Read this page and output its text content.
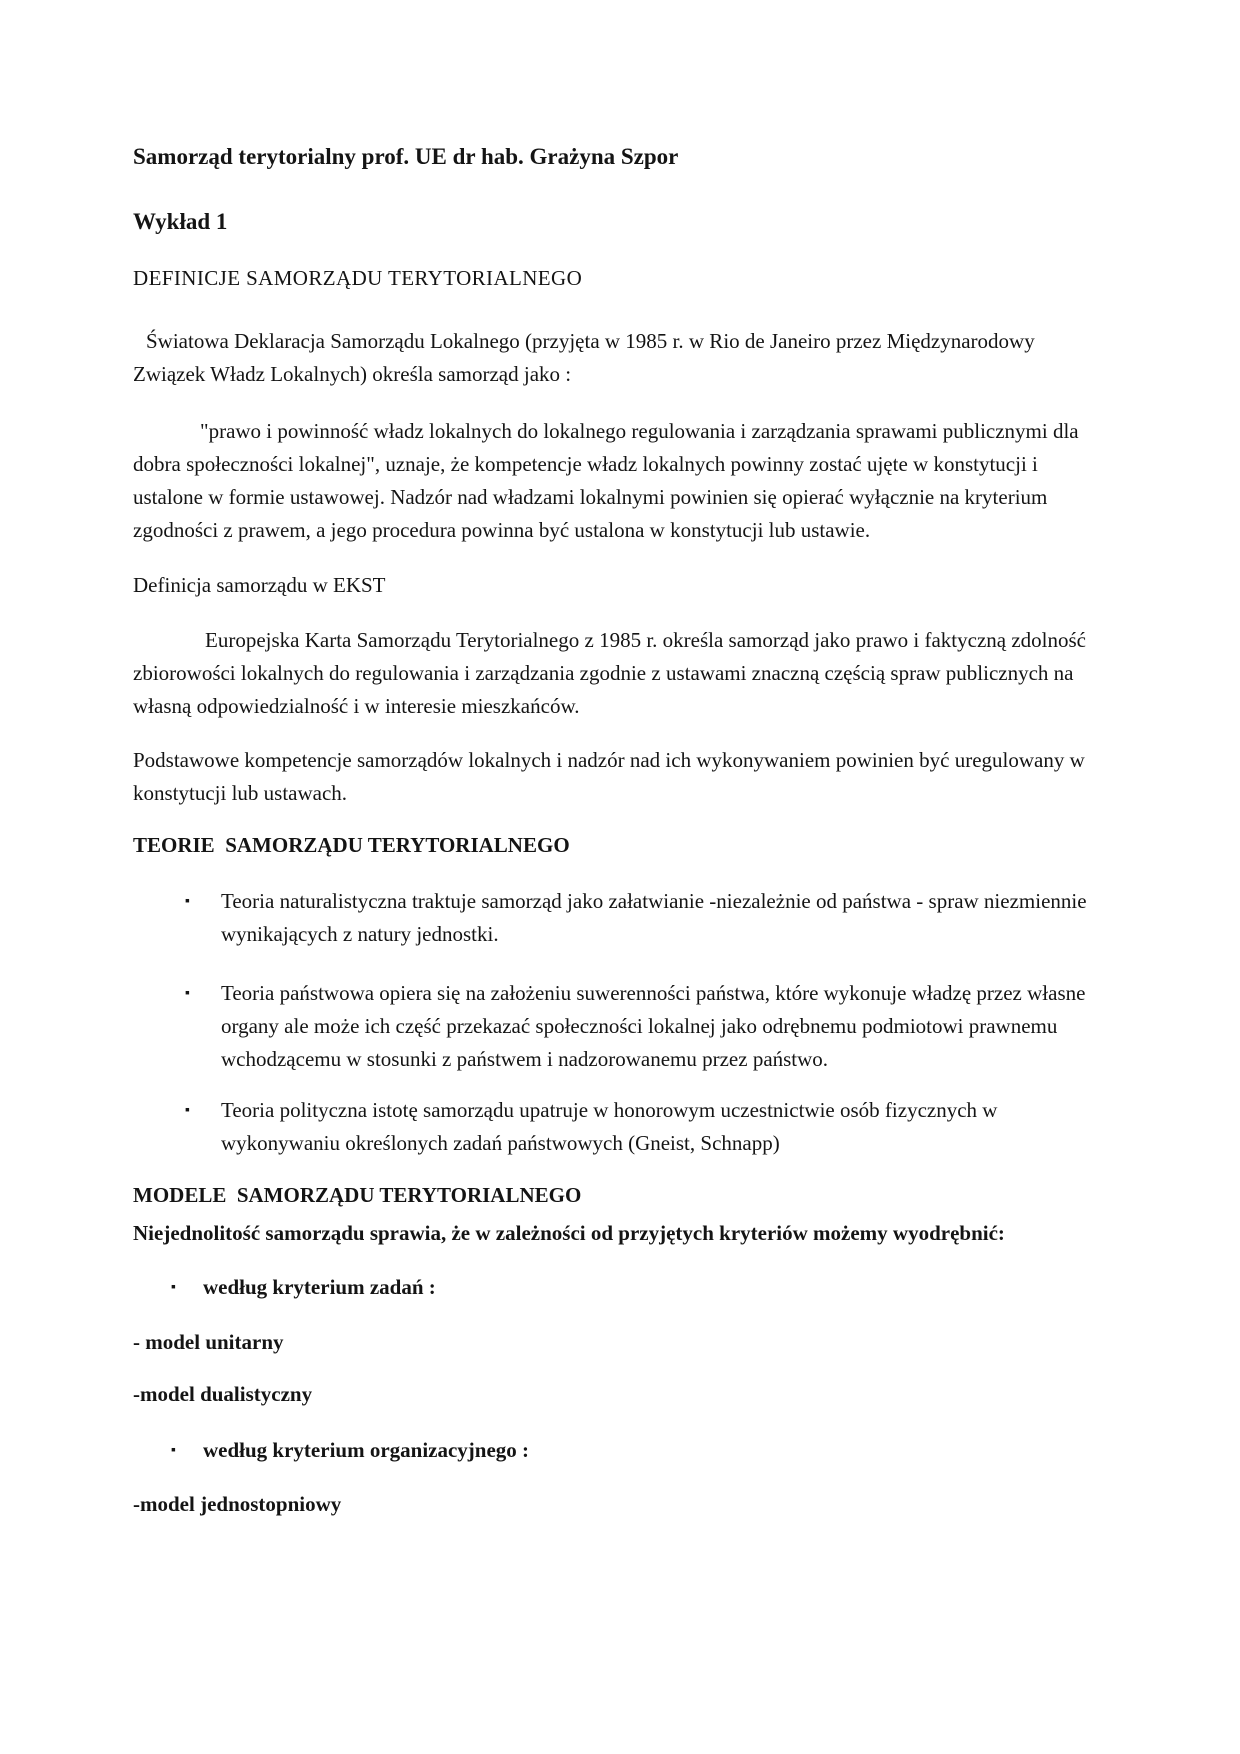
Samorząd terytorialny prof. UE dr hab. Grażyna Szpor
Wykład 1
DEFINICJE SAMORZĄDU TERYTORIALNEGO

Światowa Deklaracja Samorządu Lokalnego (przyjęta w 1985 r. w Rio de Janeiro przez Międzynarodowy Związek Władz Lokalnych) określa samorząd jako :

"prawo i powinność władz lokalnych do lokalnego regulowania i zarządzania sprawami publicznymi dla dobra społeczności lokalnej", uznaje, że kompetencje władz lokalnych powinny zostać ujęte w konstytucji i ustalone w formie ustawowej. Nadzór nad władzami lokalnymi powinien się opierać wyłącznie na kryterium zgodności z prawem, a jego procedura powinna być ustalona w konstytucji lub ustawie.

Definicja samorządu w EKST

Europejska Karta Samorządu Terytorialnego z 1985 r. określa samorząd jako prawo i faktyczną zdolność zbiorowości lokalnych do regulowania i zarządzania zgodnie z ustawami znaczną częścią spraw publicznych na własną odpowiedzialność i w interesie mieszkańców.

Podstawowe kompetencje samorządów lokalnych i nadzór nad ich wykonywaniem powinien być uregulowany w konstytucji lub ustawach.

TEORIE  SAMORZĄDU TERYTORIALNEGO
▪ Teoria naturalistyczna traktuje samorząd jako załatwianie -niezależnie od państwa - spraw niezmiennie wynikających z natury jednostki.
▪ Teoria państwowa opiera się na założeniu suwerenności państwa, które wykonuje władzę przez własne organy ale może ich część przekazać społeczności lokalnej jako odrębnemu podmiotowi prawnemu wchodzącemu w stosunki z państwem i nadzorowanemu przez państwo.
▪ Teoria polityczna istotę samorządu upatruje w honorowym uczestnictwie osób fizycznych w wykonywaniu określonych zadań państwowych (Gneist, Schnapp)
MODELE  SAMORZĄDU TERYTORIALNEGO

Niejednolitość samorządu sprawia, że w zależności od przyjętych kryteriów możemy wyodrębnić:

▪ według kryterium zadań :

- model unitarny

-model dualistyczny

▪ według kryterium organizacyjnego :

-model jednostopniowy
